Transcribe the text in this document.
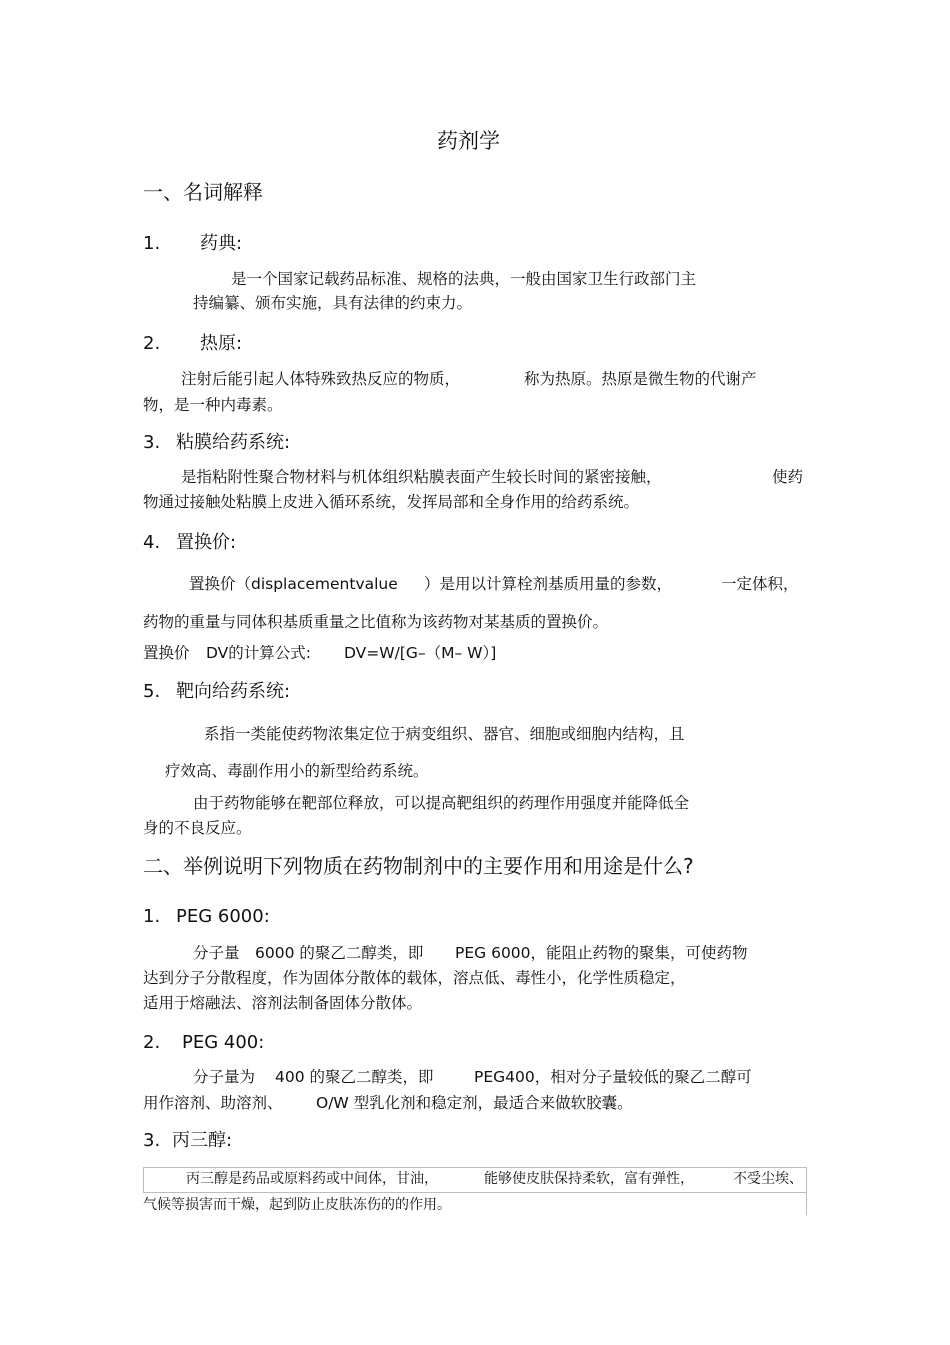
药剂学
一、名词解释
1. 药典:
是一个国家记载药品标准、规格的法典，一般由国家卫生行政部门主
持编纂、颁布实施，具有法律的约束力。
2. 热原:
注射后能引起人体特殊致热反应的物质，	称为热原。热原是微生物的代谢产
物，是一种内毒素。
3. 粘膜给药系统:
是指粘附性聚合物材料与机体组织粘膜表面产生较长时间的紧密接触，	使药
物通过接触处粘膜上皮进入循环系统，发挥局部和全身作用的给药系统。
4. 置换价:
置换价（displacementvalue ）是用以计算栓剂基质用量的参数，	一定体积，
药物的重量与同体积基质重量之比值称为该药物对某基质的置换价。
置换价 DV的计算公式: DV=W/[G–（M– W）]
5. 靶向给药系统:
系指一类能使药物浓集定位于病变组织、器官、细胞或细胞内结构，且
疗效高、毒副作用小的新型给药系统。
由于药物能够在靶部位释放，可以提高靶组织的药理作用强度并能降低全
身的不良反应。
二、举例说明下列物质在药物制剂中的主要作用和用途是什么?
1. PEG 6000:
分子量 6000 的聚乙二醇类，即 PEG 6000，能阻止药物的聚集，可使药物
达到分子分散程度，作为固体分散体的载体，溶点低、毒性小，化学性质稳定，
适用于熔融法、溶剂法制备固体分散体。
2. PEG 400:
分子量为 400 的聚乙二醇类，即	PEG400，相对分子量较低的聚乙二醇可
用作溶剂、助溶剂、 O/W 型乳化剂和稳定剂，最适合来做软胶囊。
3. 丙三醇:
丙三醇是药品或原料药或中间体，甘油，	能够使皮肤保持柔软，富有弹性，	不受尘埃、
气候等损害而干燥，起到防止皮肤冻伤的的作用。
